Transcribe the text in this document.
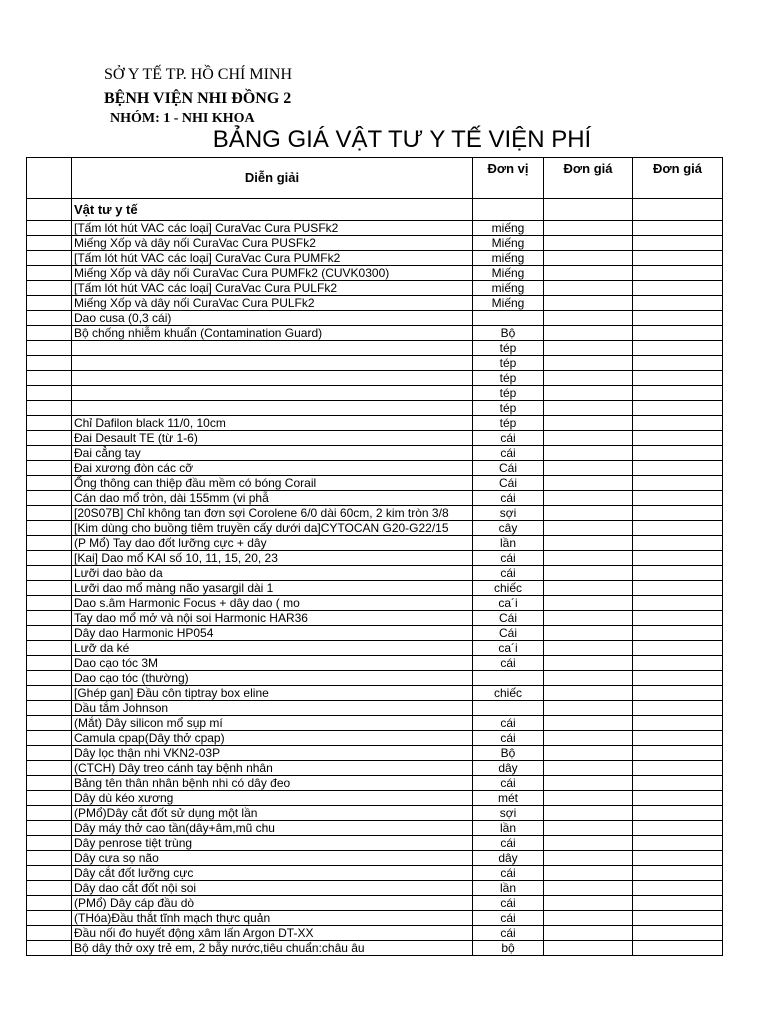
SỞ Y TẾ TP. HỒ CHÍ MINH
BỆNH VIỆN NHI ĐỒNG 2
NHÓM: 1 - NHI KHOA
BẢNG GIÁ VẬT TƯ Y TẾ VIỆN PHÍ
	Diễn giải	Đơn vị	Đơn giá	Đơn giá
	Vật tư y tế			
	[Tấm lót hút VAC các loại] CuraVac Cura PUSFk2	miếng		
	Miếng Xốp và dây nối CuraVac Cura PUSFk2	Miếng		
	[Tấm lót hút VAC các loại] CuraVac Cura PUMFk2	miếng		
	Miếng Xốp và dây nối CuraVac Cura PUMFk2 (CUVK0300)	Miếng		
	[Tấm lót hút VAC các loại] CuraVac Cura PULFk2	miếng		
	Miếng Xốp và dây nối CuraVac Cura PULFk2	Miếng		
	Dao cusa (0,3 cái)			
	Bộ chống nhiễm khuẩn (Contamination Guard)	Bộ		
		tép		
		tép		
		tép		
		tép		
		tép		
	Chỉ Dafilon black 11/0, 10cm	tép		
	Đai Desault TE (từ 1-6)	cái		
	Đai cẳng tay	cái		
	Đai xương đòn các cỡ	Cái		
	Ống thông can thiệp đầu mềm có bóng Corail	Cái		
	Cán dao mổ tròn, dài 155mm (vi phẫ	cái		
	[20S07B] Chỉ không tan đơn sợi Corolene 6/0 dài 60cm, 2 kim tròn 3/8	sợi		
	[Kim dùng cho buồng tiêm truyền cấy dưới da]CYTOCAN G20-G22/15	cây		
	(P Mổ) Tay dao đốt lưỡng cực + dây	lần		
	[Kai] Dao mổ KAI số 10, 11, 15, 20, 23	cái		
	Lưỡi dao bào da	cái		
	Lưỡi dao mổ màng não yasargil dài 1	chiếc		
	Dao s.âm Harmonic Focus + dây dao ( mo	ca´i		
	Tay dao mổ mở và nội soi Harmonic HAR36	Cái		
	Dây dao Harmonic HP054	Cái		
	Lưỡ da ké	ca´i		
	Dao cạo tóc 3M	cái		
	Dao cạo tóc (thường)			
	[Ghép gan] Đầu côn tiptray box eline	chiếc		
	Dầu tắm Johnson			
	(Mắt) Dây silicon mổ sụp mí	cái		
	Camula cpap(Dây thở cpap)	cái		
	Dây lọc thận nhi VKN2-03P	Bộ		
	(CTCH) Dây treo cánh tay bệnh nhân	dây		
	Bảng tên thân nhân bệnh nhi có dây đeo	cái		
	Dây dù kéo xương	mét		
	(PMổ)Dây cắt đốt sử dụng một lần	sợi		
	Dây máy thở cao tần(dây+âm,mũ chu	lần		
	Dây penrose tiệt trùng	cái		
	Dây cưa sọ não	dây		
	Dây cắt đốt lưỡng cực	cái		
	Dây dao cắt đốt nội soi	lần		
	(PMổ) Dây cáp đầu dò	cái		
	(THóa)Đầu thắt tĩnh mạch thực quản	cái		
	Đầu nối đo huyết động xâm lấn Argon DT-XX	cái		
	Bộ dây thở oxy trẻ em, 2 bẫy nước,tiêu chuẩn:châu âu	bộ		
